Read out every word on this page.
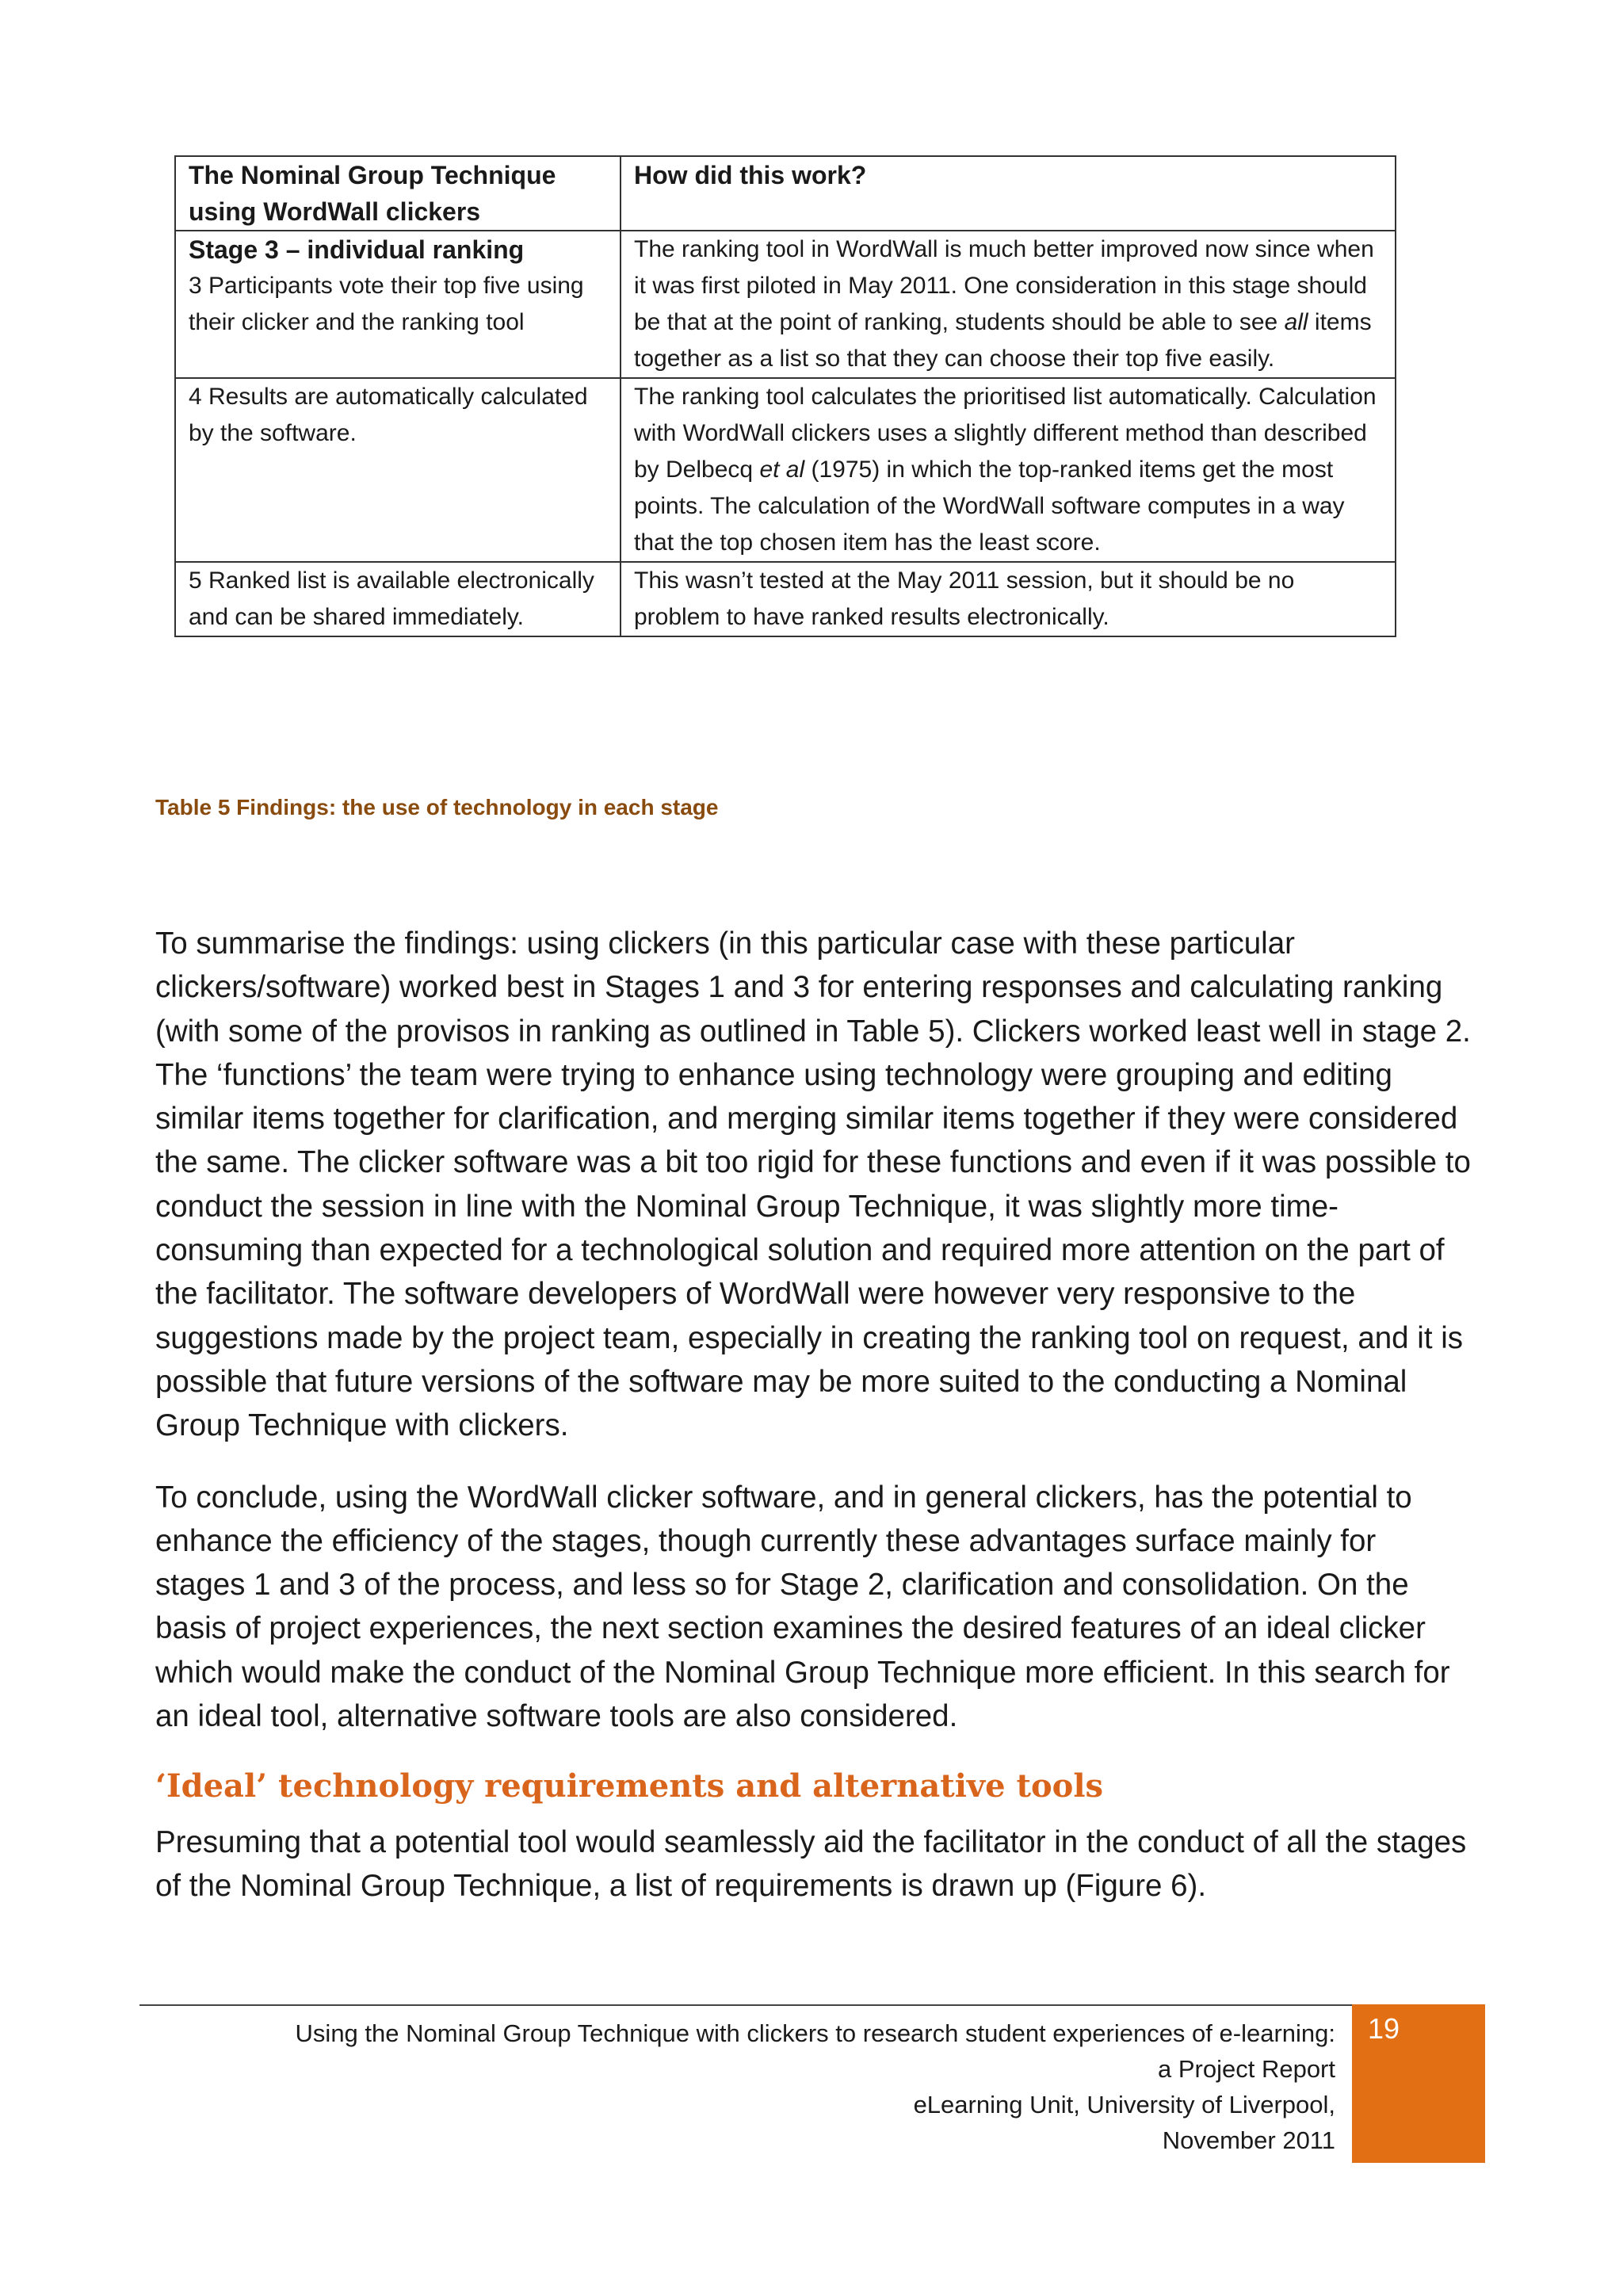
The Nominal Group Technique using WordWall clickers	How did this work?

Stage 3 – individual ranking
3 Participants vote their top five using their clicker and the ranking tool	The ranking tool in WordWall is much better improved now since when it was first piloted in May 2011. One consideration in this stage should be that at the point of ranking, students should be able to see all items together as a list so that they can choose their top five easily.
4 Results are automatically calculated by the software.	The ranking tool calculates the prioritised list automatically. Calculation with WordWall clickers uses a slightly different method than described by Delbecq et al (1975) in which the top-ranked items get the most points. The calculation of the WordWall software computes in a way that the top chosen item has the least score.
5 Ranked list is available electronically and can be shared immediately.	This wasn’t tested at the May 2011 session, but it should be no problem to have ranked results electronically.
Table 5 Findings: the use of technology in each stage

To summarise the findings: using clickers (in this particular case with these particular clickers/software) worked best in Stages 1 and 3 for entering responses and calculating ranking (with some of the provisos in ranking as outlined in Table 5). Clickers worked least well in stage 2. The ‘functions’ the team were trying to enhance using technology were grouping and editing similar items together for clarification, and merging similar items together if they were considered the same. The clicker software was a bit too rigid for these functions and even if it was possible to conduct the session in line with the Nominal Group Technique, it was slightly more time-consuming than expected for a technological solution and required more attention on the part of the facilitator. The software developers of WordWall were however very responsive to the suggestions made by the project team, especially in creating the ranking tool on request, and it is possible that future versions of the software may be more suited to the conducting a Nominal Group Technique with clickers.

To conclude, using the WordWall clicker software, and in general clickers, has the potential to enhance the efficiency of the stages, though currently these advantages surface mainly for stages 1 and 3 of the process, and less so for Stage 2, clarification and consolidation. On the basis of project experiences, the next section examines the desired features of an ideal clicker which would make the conduct of the Nominal Group Technique more efficient. In this search for an ideal tool, alternative software tools are also considered.

‘Ideal’ technology requirements and alternative tools

Presuming that a potential tool would seamlessly aid the facilitator in the conduct of all the stages of the Nominal Group Technique, a list of requirements is drawn up (Figure 6).

Using the Nominal Group Technique with clickers to research student experiences of e-learning:
a Project Report
eLearning Unit, University of Liverpool,
November 2011
19
